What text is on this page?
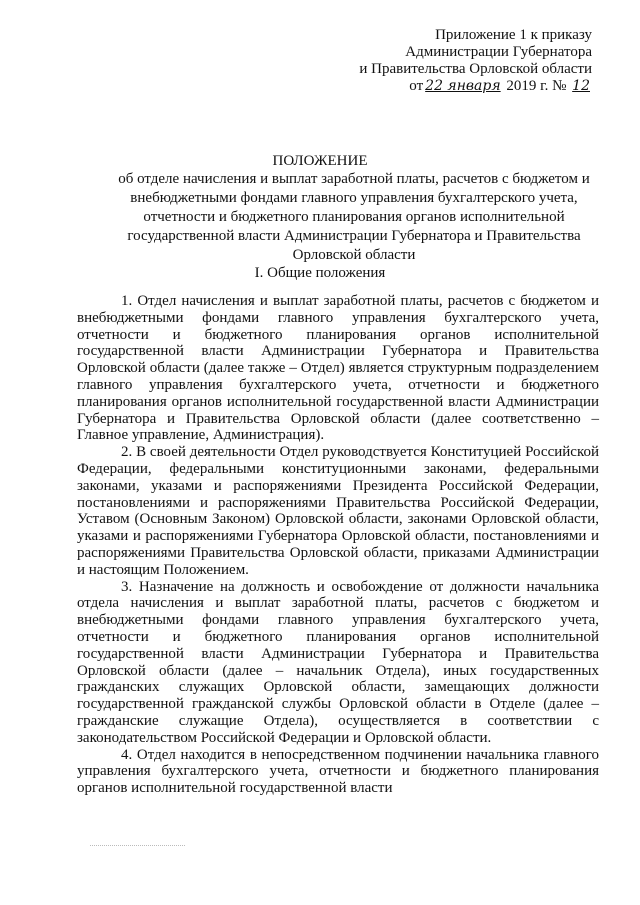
Приложение 1 к приказу
Администрации Губернатора
и Правительства Орловской области
от 22 января 2019 г. № 12
ПОЛОЖЕНИЕ
об отделе начисления и выплат заработной платы, расчетов с бюджетом и внебюджетными фондами главного управления бухгалтерского учета, отчетности и бюджетного планирования органов исполнительной государственной власти Администрации Губернатора и Правительства Орловской области
I. Общие положения

1. Отдел начисления и выплат заработной платы, расчетов с бюджетом и внебюджетными фондами главного управления бухгалтерского учета, отчетности и бюджетного планирования органов исполнительной государственной власти Администрации Губернатора и Правительства Орловской области (далее также – Отдел) является структурным подразделением главного управления бухгалтерского учета, отчетности и бюджетного планирования органов исполнительной государственной власти Администрации Губернатора и Правительства Орловской области (далее соответственно – Главное управление, Администрация).

2. В своей деятельности Отдел руководствуется Конституцией Российской Федерации, федеральными конституционными законами, федеральными законами, указами и распоряжениями Президента Российской Федерации, постановлениями и распоряжениями Правительства Российской Федерации, Уставом (Основным Законом) Орловской области, законами Орловской области, указами и распоряжениями Губернатора Орловской области, постановлениями и распоряжениями Правительства Орловской области, приказами Администрации и настоящим Положением.

3. Назначение на должность и освобождение от должности начальника отдела начисления и выплат заработной платы, расчетов с бюджетом и внебюджетными фондами главного управления бухгалтерского учета, отчетности и бюджетного планирования органов исполнительной государственной власти Администрации Губернатора и Правительства Орловской области (далее – начальник Отдела), иных государственных гражданских служащих Орловской области, замещающих должности государственной гражданской службы Орловской области в Отделе (далее – гражданские служащие Отдела), осуществляется в соответствии с законодательством Российской Федерации и Орловской области.

4. Отдел находится в непосредственном подчинении начальника главного управления бухгалтерского учета, отчетности и бюджетного планирования органов исполнительной государственной власти
